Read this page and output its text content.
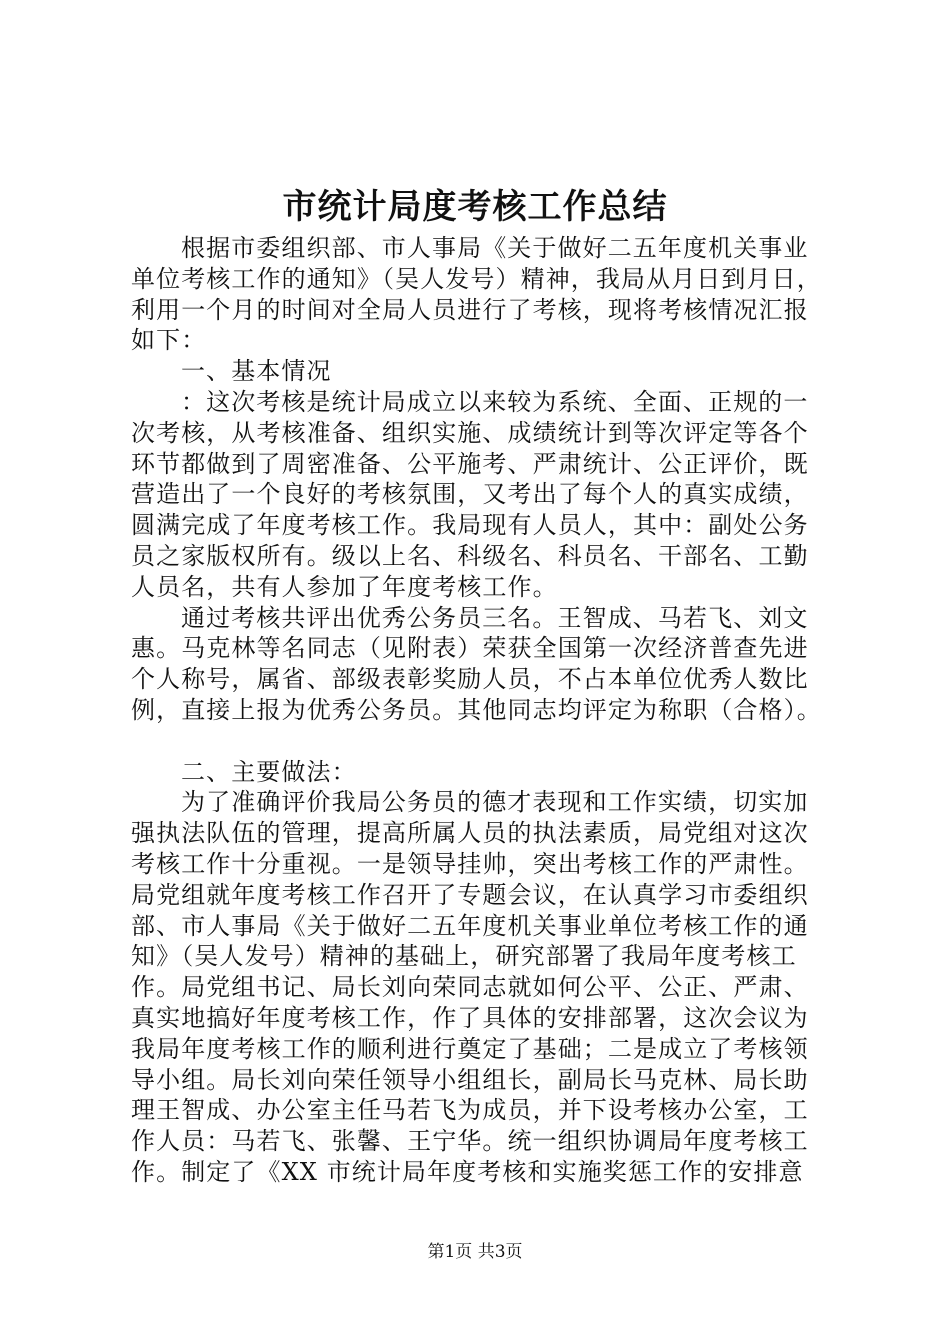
市统计局度考核工作总结
根据市委组织部、市人事局《关于做好二五年度机关事业
单位考核工作的通知》（吴人发号）精神，我局从月日到月日，
利用一个月的时间对全局人员进行了考核，现将考核情况汇报
如下：
一、基本情况
：这次考核是统计局成立以来较为系统、全面、正规的一
次考核，从考核准备、组织实施、成绩统计到等次评定等各个
环节都做到了周密准备、公平施考、严肃统计、公正评价，既
营造出了一个良好的考核氛围，又考出了每个人的真实成绩，
圆满完成了年度考核工作。我局现有人员人，其中：副处公务
员之家版权所有。级以上名、科级名、科员名、干部名、工勤
人员名，共有人参加了年度考核工作。
通过考核共评出优秀公务员三名。王智成、马若飞、刘文
惠。马克林等名同志（见附表）荣获全国第一次经济普查先进
个人称号，属省、部级表彰奖励人员，不占本单位优秀人数比
例，直接上报为优秀公务员。其他同志均评定为称职（合格）。
二、主要做法：
为了准确评价我局公务员的德才表现和工作实绩，切实加
强执法队伍的管理，提高所属人员的执法素质，局党组对这次
考核工作十分重视。一是领导挂帅，突出考核工作的严肃性。
局党组就年度考核工作召开了专题会议，在认真学习市委组织
部、市人事局《关于做好二五年度机关事业单位考核工作的通
知》（吴人发号）精神的基础上，研究部署了我局年度考核工
作。局党组书记、局长刘向荣同志就如何公平、公正、严肃、
真实地搞好年度考核工作，作了具体的安排部署，这次会议为
我局年度考核工作的顺利进行奠定了基础；二是成立了考核领
导小组。局长刘向荣任领导小组组长，副局长马克林、局长助
理王智成、办公室主任马若飞为成员，并下设考核办公室，工
作人员：马若飞、张馨、王宁华。统一组织协调局年度考核工
作。制定了《XX 市统计局年度考核和实施奖惩工作的安排意
第1页 共3页
